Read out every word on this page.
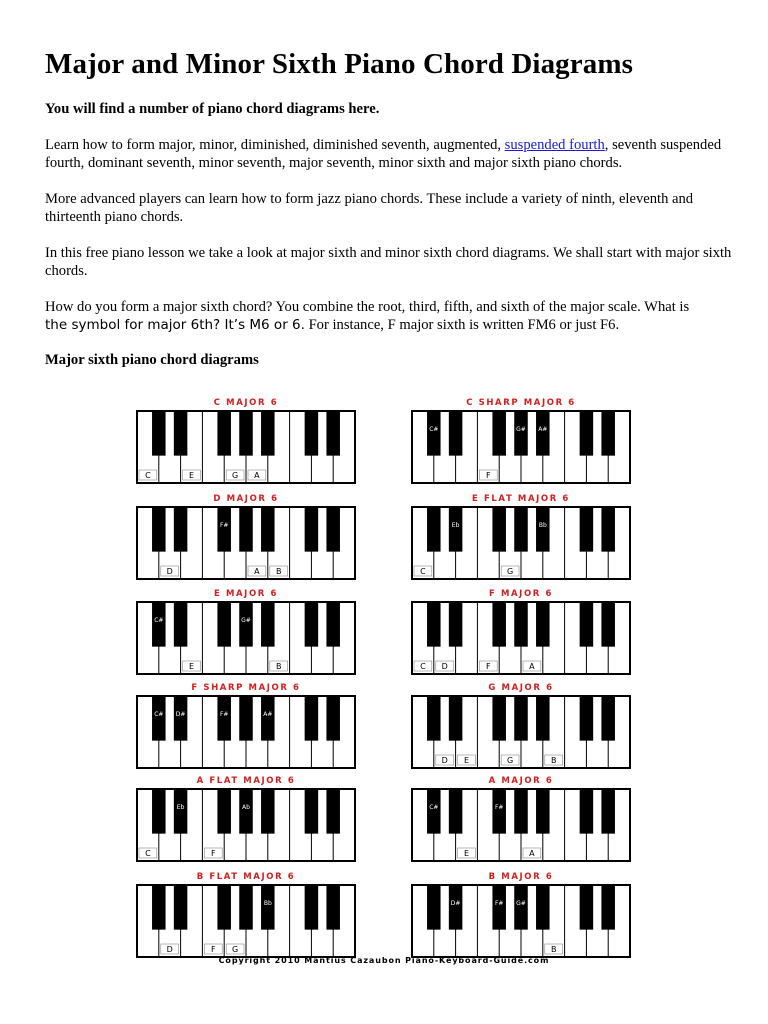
Major and Minor Sixth Piano Chord Diagrams

You will find a number of piano chord diagrams here.

Learn how to form major, minor, diminished, diminished seventh, augmented, suspended fourth, seventh suspended fourth, dominant seventh, minor seventh, major seventh, minor sixth and major sixth piano chords.

More advanced players can learn how to form jazz piano chords. These include a variety of ninth, eleventh and thirteenth piano chords.

In this free piano lesson we take a look at major sixth and minor sixth chord diagrams. We shall start with major sixth chords.

How do you form a major sixth chord? You combine the root, third, fifth, and sixth of the major scale. What is
the symbol for major 6th? It’s M6 or 6. For instance, F major sixth is written FM6 or just F6.

Major sixth piano chord diagrams

C MAJOR 6
C	E	G A
C SHARP MAJOR 6
F
C#	G# A#
D MAJOR 6
D	A B
F#
E FLAT MAJOR 6
G
C
Eb	Bb
E MAJOR 6
E	B
G#
C#
F MAJOR 6
F	A
C D
F SHARP MAJOR 6
F#	A#
C# D#
G MAJOR 6
G	B
D E
A FLAT MAJOR 6
C	F
Ab
Eb
A MAJOR 6
A
E
C#	F#
B FLAT MAJOR 6
D	F G
Bb
B MAJOR 6
B
D#	F# G#
Copyright 2010 Mantius Cazaubon Piano-Keyboard-Guide.com
